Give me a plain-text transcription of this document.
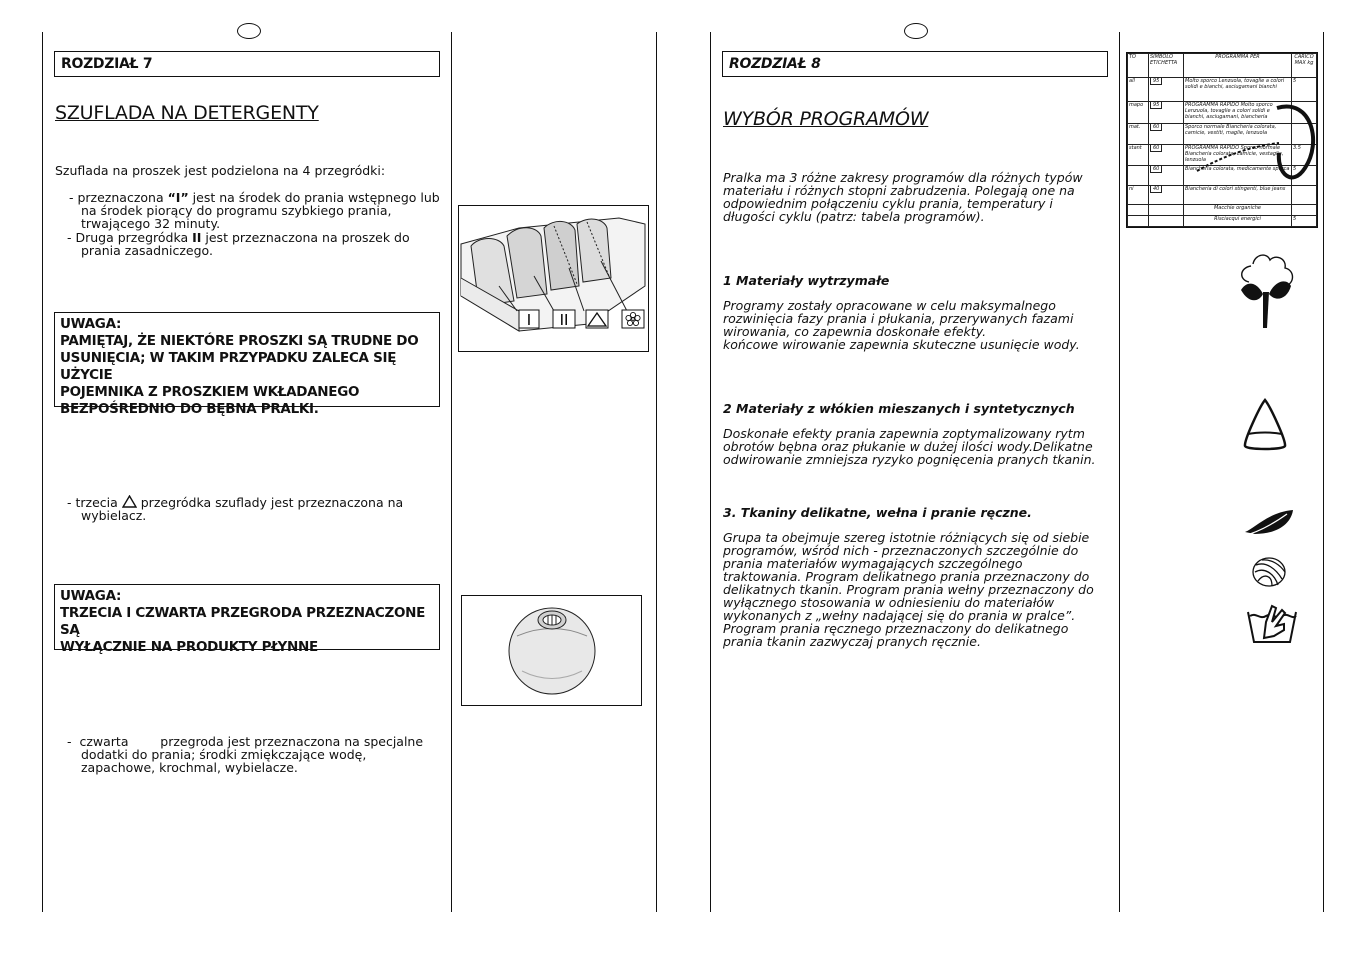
ROZDZIAŁ 7
SZUFLADA NA DETERGENTY
Szuflada na proszek jest podzielona na 4 przegródki:
- przeznaczona “I” jest na środek do prania wstępnego lub
na środek piorący do programu szybkiego prania,
trwającego 32 minuty.
- Druga przegródka II jest przeznaczona na proszek do
prania zasadniczego.
UWAGA:
PAMIĘTAJ, ŻE NIEKTÓRE PROSZKI SĄ TRUDNE DO
USUNIĘCIA; W TAKIM PRZYPADKU ZALECA SIĘ UŻYCIE
POJEMNIKA Z PROSZKIEM WKŁADANEGO
BEZPOŚREDNIO DO BĘBNA PRALKI.
- trzecia  przegródka szuflady jest przeznaczona na
wybielacz.
UWAGA:
TRZECIA I CZWARTA PRZEGRODA PRZEZNACZONE SĄ
WYŁĄCZNIE NA PRODUKTY PŁYNNE
-  czwarta        przegroda jest przeznaczona na specjalne
dodatki do prania; środki zmiękczające wodę,
zapachowe, krochmal, wybielacze.
I II
ROZDZIAŁ 8
WYBÓR PROGRAMÓW
Pralka ma 3 różne zakresy programów dla różnych typów
materiału i różnych stopni zabrudzenia. Polegają one na
odpowiednim połączeniu cyklu prania, temperatury i
długości cyklu (patrz: tabela programów).
1 Materiały wytrzymałe
Programy zostały opracowane w celu maksymalnego
rozwinięcia fazy prania i płukania, przerywanych fazami
wirowania, co zapewnia doskonałe efekty.
końcowe wirowanie zapewnia skuteczne usunięcie wody.
2 Materiały z włókien mieszanych i syntetycznych
Doskonałe efekty prania zapewnia zoptymalizowany rytm
obrotów bębna oraz płukanie w dużej ilości wody.Delikatne
odwirowanie zmniejsza ryzyko pognięcenia pranych tkanin.
3. Tkaniny delikatne, wełna i pranie ręczne.
Grupa ta obejmuje szereg istotnie różniących się od siebie
programów, wśród nich - przeznaczonych szczególnie do
prania materiałów wymagających szczególnego
traktowania. Program delikatnego prania przeznaczony do
delikatnych tkanin. Program prania wełny przeznaczony do
wyłącznego stosowania w odniesieniu do materiałów
wykonanych z „wełny nadającej się do prania w pralce”.
Program prania ręcznego przeznaczony do delikatnego
prania tkanin zazwyczaj pranych ręcznie.
TO	SIMBOLO ETICHETTA	PROGRAMMA PER	CARICO MAX kg
all	95	Molto sporco Lenzuola, tovaglie a colori solidi e bianchi, asciugamani bianchi	5
mapo	95	PROGRAMMA RAPIDO Molto sporco Lenzuola, tovaglie a colori solidi e bianchi, asciugamani, biancheria	
mat.	60	Sporco normale Biancheria colorata, camicie, vestiti, maglie, lenzuola	
stant	60	PROGRAMMA RAPIDO Sporco normale Biancheria colorata, camicie, vestaglie, lenzuola	3.5
	60	Biancheria colorata, medicamente sporca	5
ni	40	Biancheria di colori stingenti, blue jeans	
		Macchie organiche	
		Risciacqui energici	5
